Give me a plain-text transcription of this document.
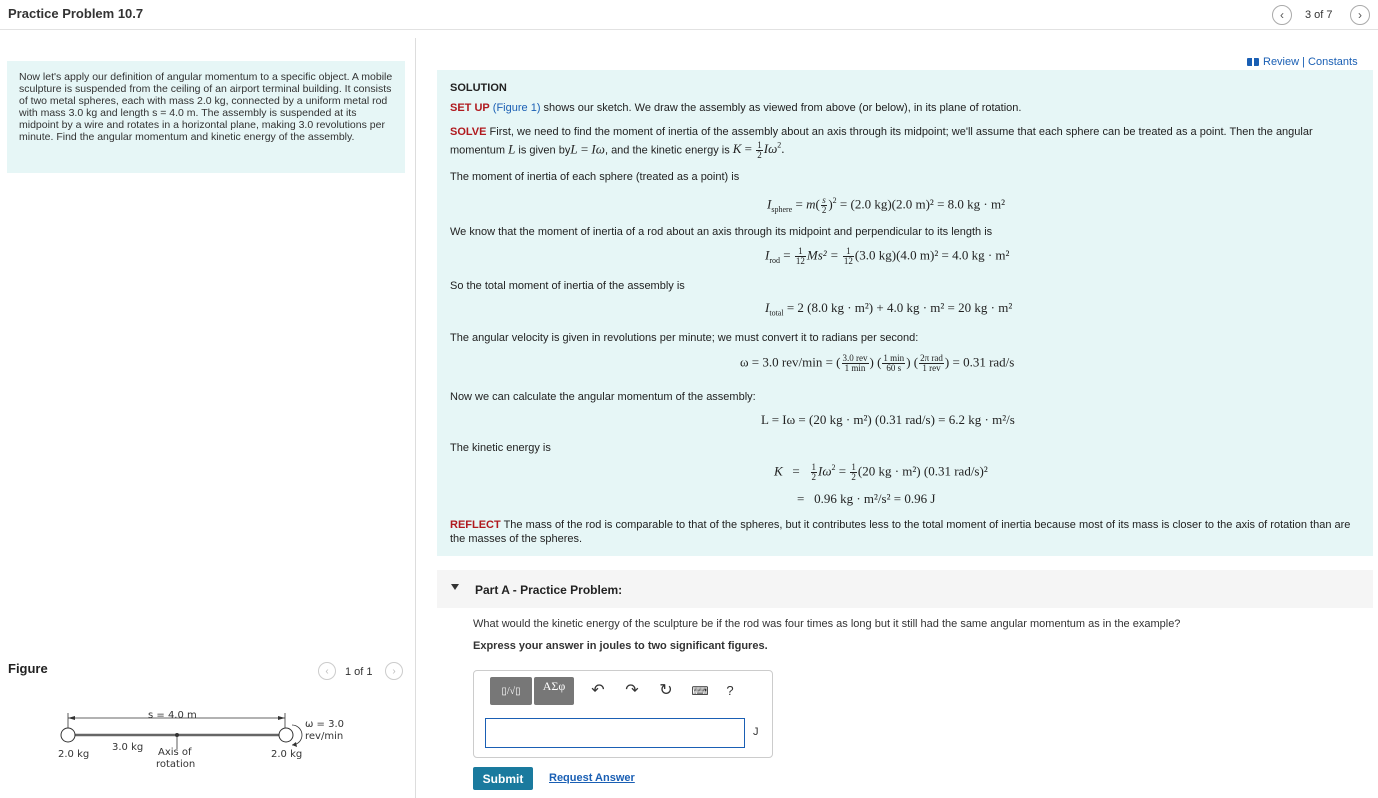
Practice Problem 10.7	‹ 3 of 7 ›
Now let's apply our definition of angular momentum to a specific object. A mobile sculpture is suspended from the ceiling of an airport terminal building. It consists of two metal spheres, each with mass 2.0 kg, connected by a uniform metal rod with mass 3.0 kg and length s = 4.0 m. The assembly is suspended at its midpoint by a wire and rotates in a horizontal plane, making 3.0 revolutions per minute. Find the angular momentum and kinetic energy of the assembly.
Figure	‹ 1 of 1 ›
s = 4.0 m
ω = 3.0
rev/min
3.0 kg
2.0 kg	Axis of
rotation
2.0 kg
Review | Constants
SOLUTION
SET UP (Figure 1) shows our sketch. We draw the assembly as viewed from above (or below), in its plane of rotation.
SOLVE First, we need to find the moment of inertia of the assembly about an axis through its midpoint; we'll assume that each sphere can be treated as a point. Then the angular
momentum L is given byL = Iω, and the kinetic energy is $K = \frac{1}{2} I\omega^2$.
The moment of inertia of each sphere (treated as a point) is
$I_{sphere} = m( \frac{s}{2} )^2 = (2.0$ kg)(2.0 m)² = 8.0 kg · m²
We know that the moment of inertia of a rod about an axis through its midpoint and perpendicular to its length is
$I_{rod} = \frac{1}{12} Ms^2 = \frac{1}{12} (3.0$ kg)(4.0 m)² = 4.0 kg · m²
So the total moment of inertia of the assembly is
$I_{total} = 2$ (8.0 kg · m²) + 4.0 kg · m² = 20 kg · m²
The angular velocity is given in revolutions per minute; we must convert it to radians per second:
ω = 3.0 rev/min = ( $\frac{\text{3.0 rev}}{1 \min}$ ) ( $\frac{1 \min}{60 s}$ ) ( $\frac{\text{2π rad}}{\text{1 rev}}$ ) = 0.31 rad/s
Now we can calculate the angular momentum of the assembly:
L = Iω = (20 kg · m²) (0.31 rad/s) = 6.2 kg · m²/s
The kinetic energy is
$K = \frac{1}{2} I\omega^2 = \frac{1}{2} (20$ kg · m²) (0.31 rad/s)²
=   0.96 kg · m²/s² = 0.96 J
REFLECT The mass of the rod is comparable to that of the spheres, but it contributes less to the total moment of inertia because most of its mass is closer to the axis of rotation than are the masses of the spheres.
Part A - Practice Problem:
What would the kinetic energy of the sculpture be if the rod was four times as long but it still had the same angular momentum as in the example?
Express your answer in joules to two significant figures.
▯/√▯ ΑΣφ ↶ ↷ ↻ ⌨	?
J
Submit	Request Answer
